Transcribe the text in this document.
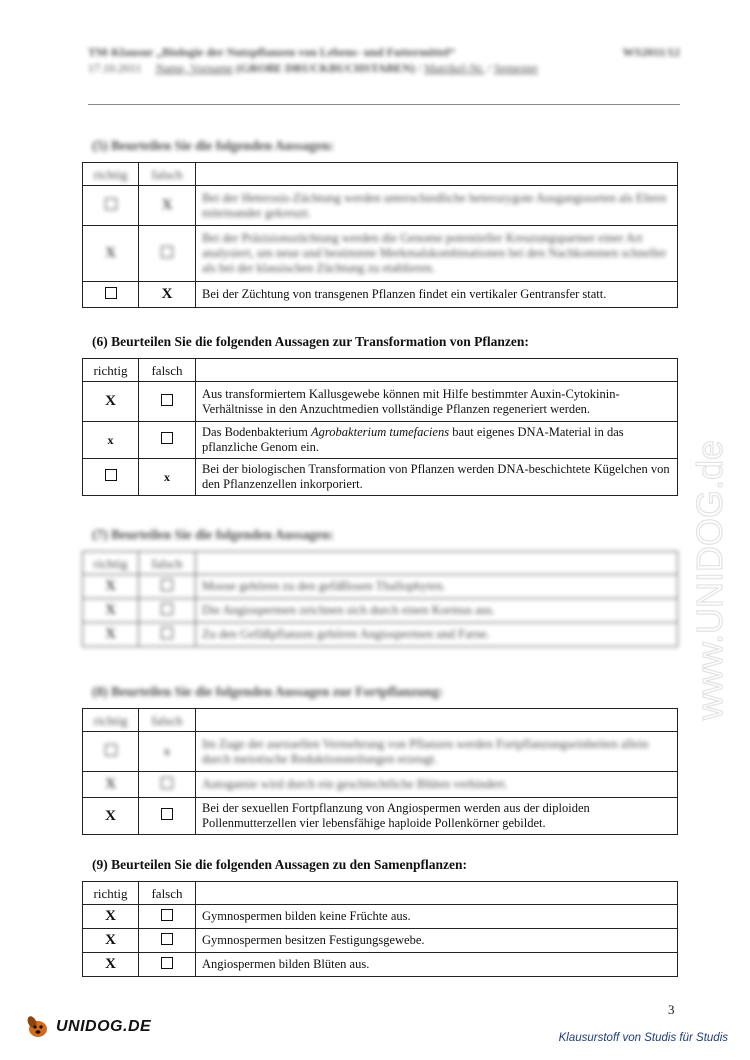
TM-Klausur „Biologie der Nutzpflanzen von Lebens- und Futtermittel“	WS2011/12
17.10.2011 Name, Vorname (GROßE DRUCKBUCHSTABEN) / Matrikel-Nr. / Semester
(5) Beurteilen Sie die folgenden Aussagen:
richtig	falsch	
	X	Bei der Heterosis-Züchtung werden unterschiedliche heterozygote Ausgangssorten als Eltern miteinander gekreuzt.
X		Bei der Präzisionszüchtung werden die Genome potentieller Kreuzungspartner einer Art analysiert, um neue und bestimmte Merkmalskombinationen bei den Nachkommen schneller als bei der klassischen Züchtung zu etablieren.
	X	Bei der Züchtung von transgenen Pflanzen findet ein vertikaler Gentransfer statt.
(6) Beurteilen Sie die folgenden Aussagen zur Transformation von Pflanzen:
richtig	falsch	
X		Aus transformiertem Kallusgewebe können mit Hilfe bestimmter Auxin-Cytokinin-Verhältnisse in den Anzuchtmedien vollständige Pflanzen regeneriert werden.
x		Das Bodenbakterium Agrobakterium tumefaciens baut eigenes DNA-Material in das pflanzliche Genom ein.
	x	Bei der biologischen Transformation von Pflanzen werden DNA-beschichtete Kügelchen von den Pflanzenzellen inkorporiert.
(7) Beurteilen Sie die folgenden Aussagen:
richtig	falsch	
X		Moose gehören zu den gefäßlosen Thallophyten.
X		Die Angiospermen zeichnen sich durch einen Kormus aus.
X		Zu den Gefäßpflanzen gehören Angiospermen und Farne.
(8) Beurteilen Sie die folgenden Aussagen zur Fortpflanzung:
richtig	falsch	
	x	Im Zuge der asexuellen Vermehrung von Pflanzen werden Fortpflanzungseinheiten allein durch meiotische Reduktionsteilungen erzeugt.
X		Autogamie wird durch ein geschlechtliche Blüten verhindert.
X		Bei der sexuellen Fortpflanzung von Angiospermen werden aus der diploiden Pollenmutterzellen vier lebensfähige haploide Pollenkörner gebildet.
(9) Beurteilen Sie die folgenden Aussagen zu den Samenpflanzen:
richtig	falsch	
X		Gymnospermen bilden keine Früchte aus.
X		Gymnospermen besitzen Festigungsgewebe.
X		Angiospermen bilden Blüten aus.
www.UNIDOG.de
3
UNIDOG.DE
Klausurstoff von Studis für Studis
